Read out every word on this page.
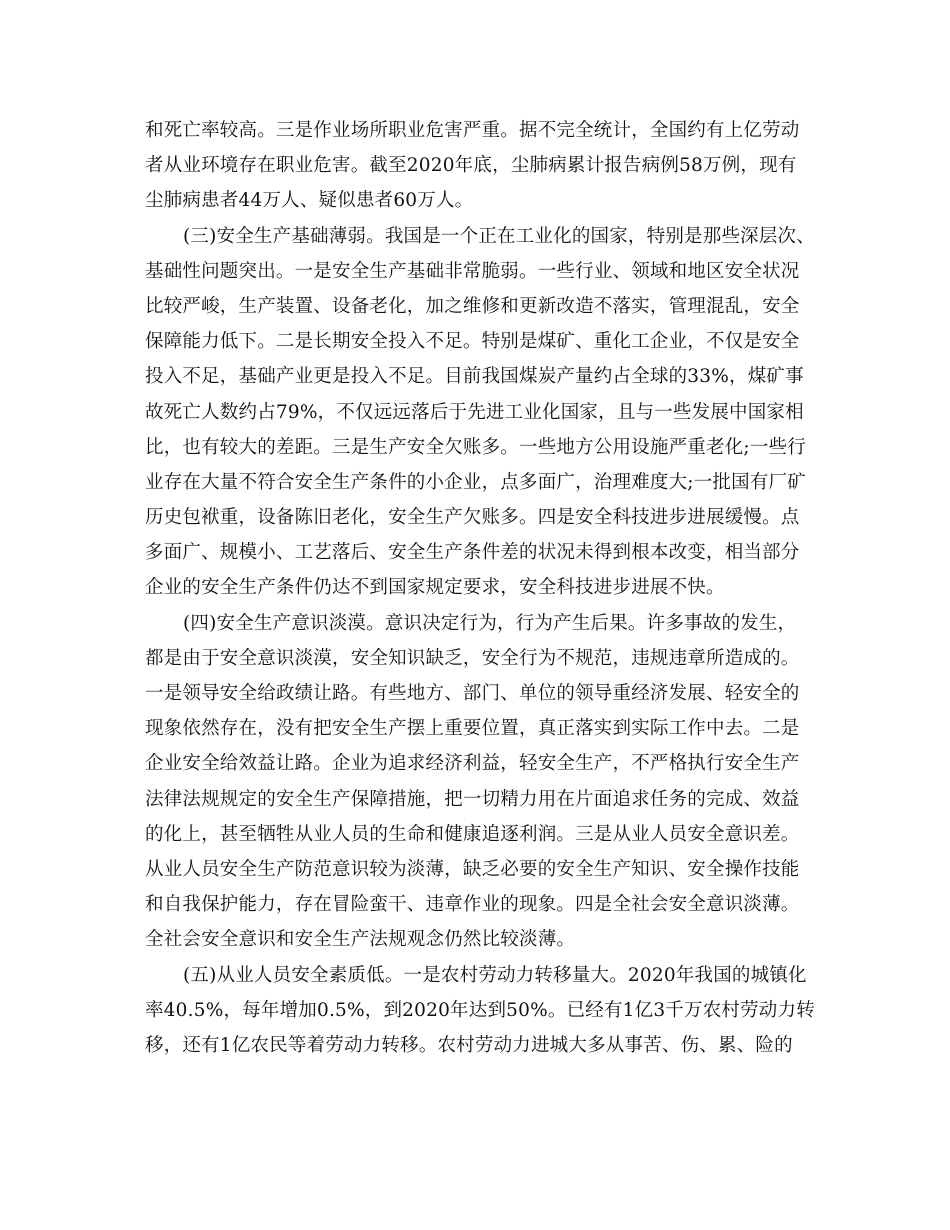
和死亡率较高。三是作业场所职业危害严重。据不完全统计，全国约有上亿劳动
者从业环境存在职业危害。截至2020年底，尘肺病累计报告病例58万例，现有
尘肺病患者44万人、疑似患者60万人。
(三)安全生产基础薄弱。我国是一个正在工业化的国家，特别是那些深层次、
基础性问题突出。一是安全生产基础非常脆弱。一些行业、领域和地区安全状况
比较严峻，生产装置、设备老化，加之维修和更新改造不落实，管理混乱，安全
保障能力低下。二是长期安全投入不足。特别是煤矿、重化工企业，不仅是安全
投入不足，基础产业更是投入不足。目前我国煤炭产量约占全球的33%，煤矿事
故死亡人数约占79%，不仅远远落后于先进工业化国家，且与一些发展中国家相
比，也有较大的差距。三是生产安全欠账多。一些地方公用设施严重老化;一些行
业存在大量不符合安全生产条件的小企业，点多面广，治理难度大;一批国有厂矿
历史包袱重，设备陈旧老化，安全生产欠账多。四是安全科技进步进展缓慢。点
多面广、规模小、工艺落后、安全生产条件差的状况未得到根本改变，相当部分
企业的安全生产条件仍达不到国家规定要求，安全科技进步进展不快。
(四)安全生产意识淡漠。意识决定行为，行为产生后果。许多事故的发生，
都是由于安全意识淡漠，安全知识缺乏，安全行为不规范，违规违章所造成的。
一是领导安全给政绩让路。有些地方、部门、单位的领导重经济发展、轻安全的
现象依然存在，没有把安全生产摆上重要位置，真正落实到实际工作中去。二是
企业安全给效益让路。企业为追求经济利益，轻安全生产，不严格执行安全生产
法律法规规定的安全生产保障措施，把一切精力用在片面追求任务的完成、效益
的化上，甚至牺牲从业人员的生命和健康追逐利润。三是从业人员安全意识差。
从业人员安全生产防范意识较为淡薄，缺乏必要的安全生产知识、安全操作技能
和自我保护能力，存在冒险蛮干、违章作业的现象。四是全社会安全意识淡薄。
全社会安全意识和安全生产法规观念仍然比较淡薄。
(五)从业人员安全素质低。一是农村劳动力转移量大。2020年我国的城镇化
率40.5%，每年增加0.5%，到2020年达到50%。已经有1亿3千万农村劳动力转
移，还有1亿农民等着劳动力转移。农村劳动力进城大多从事苦、伤、累、险的
